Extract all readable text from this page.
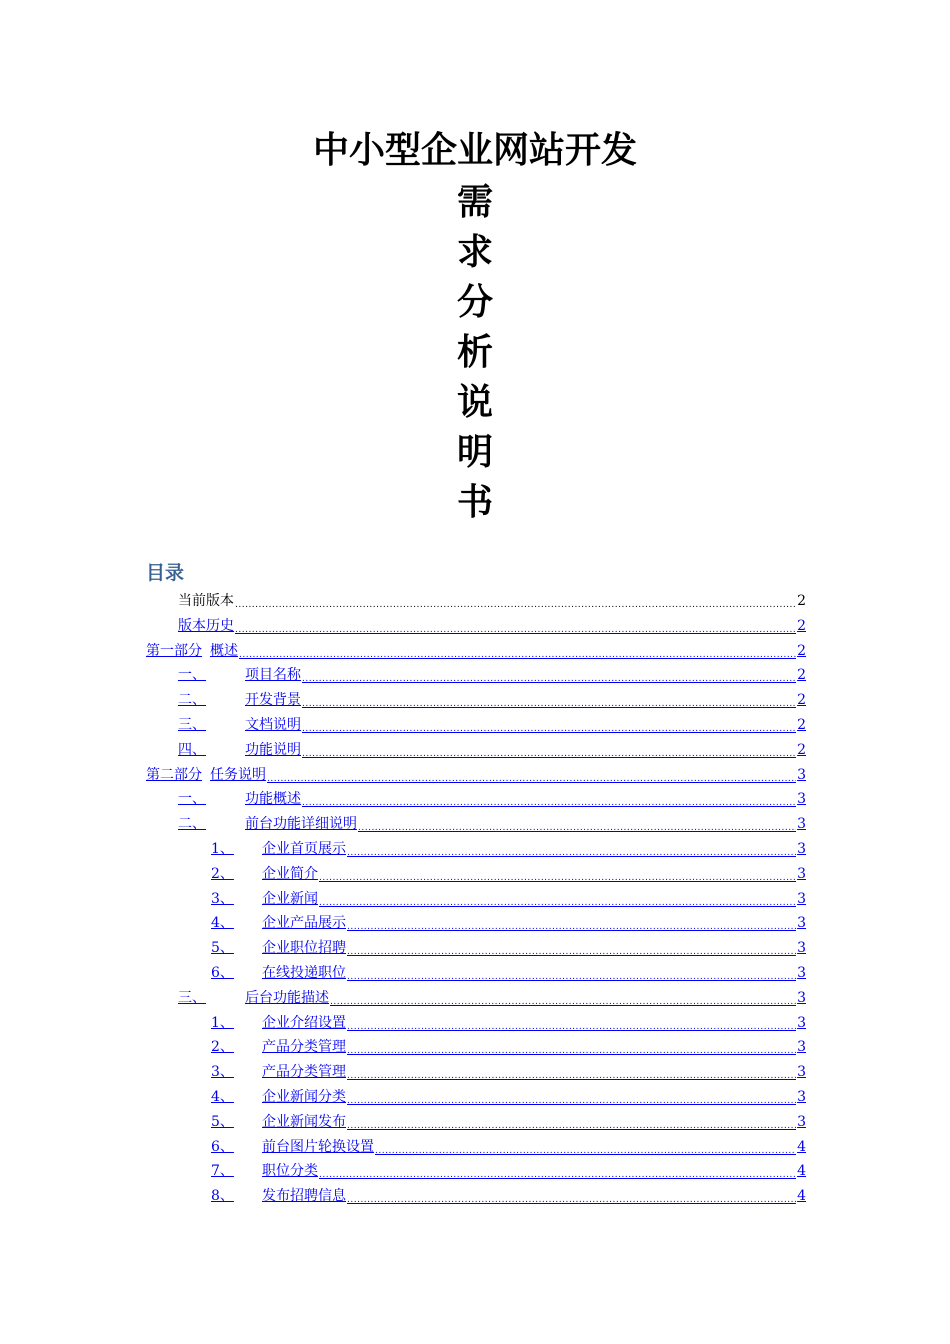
中小型企业网站开发
需
求
分
析
说
明
书
目录
当前版本 .....	2
版本历史 .....	2
第一部分 概述 .....	2
一、	项目名称 .....	2
二、	开发背景 .....	2
三、	文档说明 .....	2
四、	功能说明 .....	2
第二部分 任务说明 .....	3
一、	功能概述 .....	3
二、	前台功能详细说明 .....	3
1、	企业首页展示 .....	3
2、	企业简介 .....	3
3、	企业新闻 .....	3
4、	企业产品展示 .....	3
5、	企业职位招聘 .....	3
6、	在线投递职位 .....	3
三、	后台功能描述 .....	3
1、	企业介绍设置 .....	3
2、	产品分类管理 .....	3
3、	产品分类管理 .....	3
4、	企业新闻分类 .....	3
5、	企业新闻发布 .....	3
6、	前台图片轮换设置 .....	4
7、	职位分类 .....	4
8、	发布招聘信息 .....	4
